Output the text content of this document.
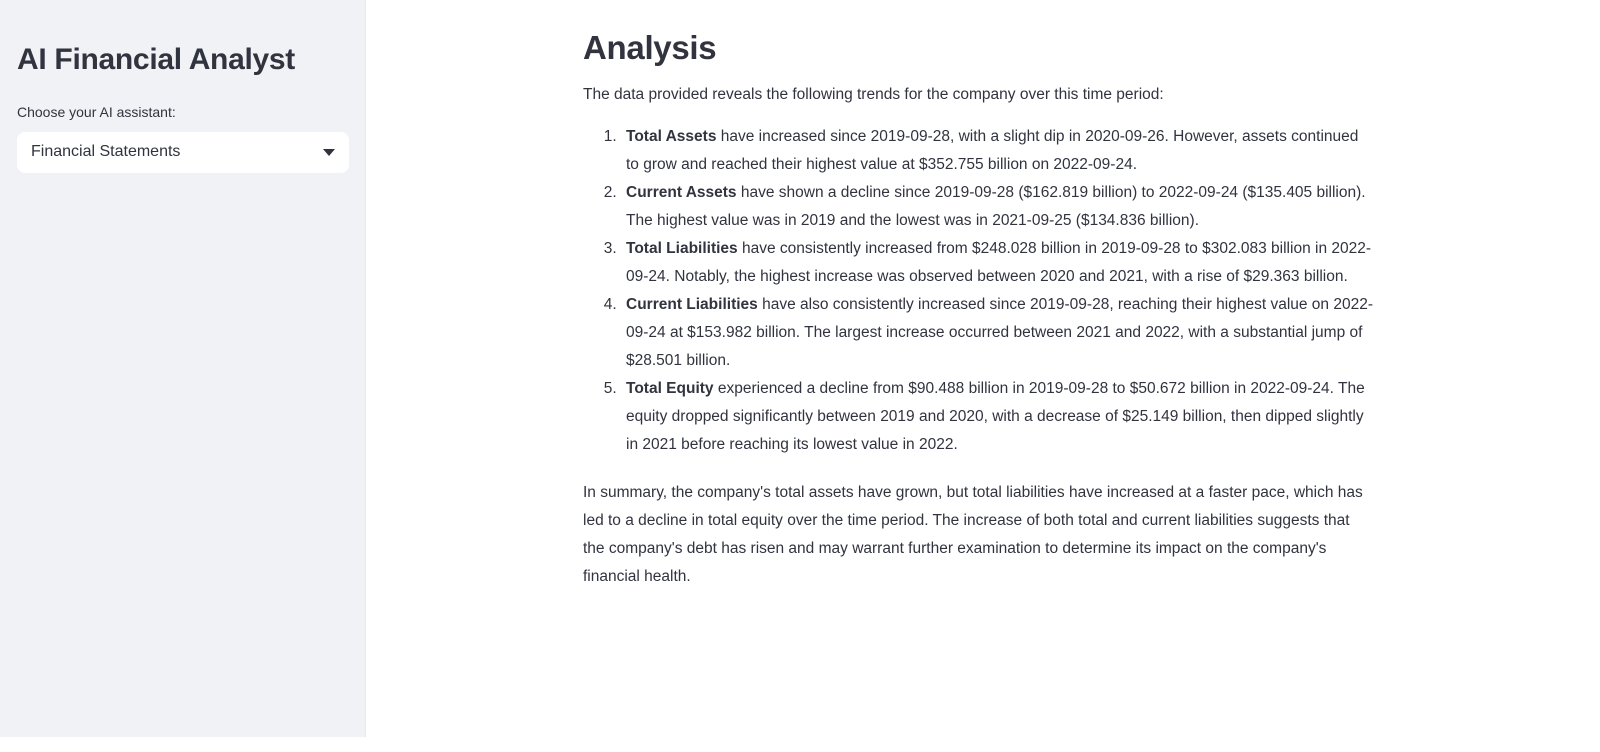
AI Financial Analyst
Choose your AI assistant:
Financial Statements
Analysis

The data provided reveals the following trends for the company over this time period:

1. Total Assets have increased since 2019-09-28, with a slight dip in 2020-09-26. However, assets continued to grow and reached their highest value at $352.755 billion on 2022-09-24.
2. Current Assets have shown a decline since 2019-09-28 ($162.819 billion) to 2022-09-24 ($135.405 billion). The highest value was in 2019 and the lowest was in 2021-09-25 ($134.836 billion).
3. Total Liabilities have consistently increased from $248.028 billion in 2019-09-28 to $302.083 billion in 2022-09-24. Notably, the highest increase was observed between 2020 and 2021, with a rise of $29.363 billion.
4. Current Liabilities have also consistently increased since 2019-09-28, reaching their highest value on 2022-09-24 at $153.982 billion. The largest increase occurred between 2021 and 2022, with a substantial jump of $28.501 billion.
5. Total Equity experienced a decline from $90.488 billion in 2019-09-28 to $50.672 billion in 2022-09-24. The equity dropped significantly between 2019 and 2020, with a decrease of $25.149 billion, then dipped slightly in 2021 before reaching its lowest value in 2022.

In summary, the company's total assets have grown, but total liabilities have increased at a faster pace, which has led to a decline in total equity over the time period. The increase of both total and current liabilities suggests that the company's debt has risen and may warrant further examination to determine its impact on the company's financial health.
